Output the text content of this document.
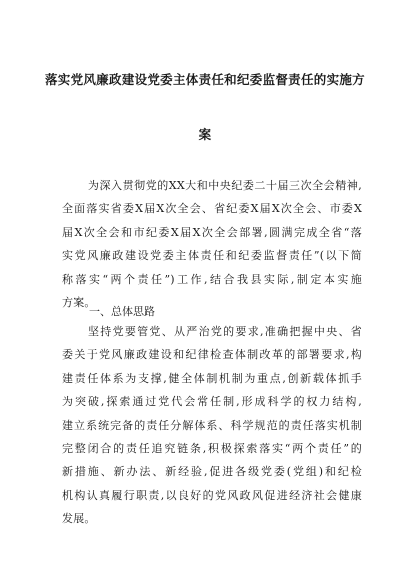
落实党风廉政建设党委主体责任和纪委监督责任的实施方
案
为深入贯彻党的XX大和中央纪委二十届三次全会精神,
全面落实省委X届X次全会、省纪委X届X次全会、市委X
届X次全会和市纪委X届X次全会部署,圆满完成全省“落
实党风廉政建设党委主体责任和纪委监督责任”(以下简
称落实“两个责任”)工作,结合我县实际,制定本实施
方案。
一、总体思路
坚持党要管党、从严治党的要求,准确把握中央、省
委关于党风廉政建设和纪律检查体制改革的部署要求,构
建责任体系为支撑,健全体制机制为重点,创新载体抓手
为突破,探索通过党代会常任制,形成科学的权力结构,
建立系统完备的责任分解体系、科学规范的责任落实机制
完整闭合的责任追究链条,积极探索落实“两个责任”的
新措施、新办法、新经验,促进各级党委(党组)和纪检
机构认真履行职责,以良好的党风政风促进经济社会健康
发展。
